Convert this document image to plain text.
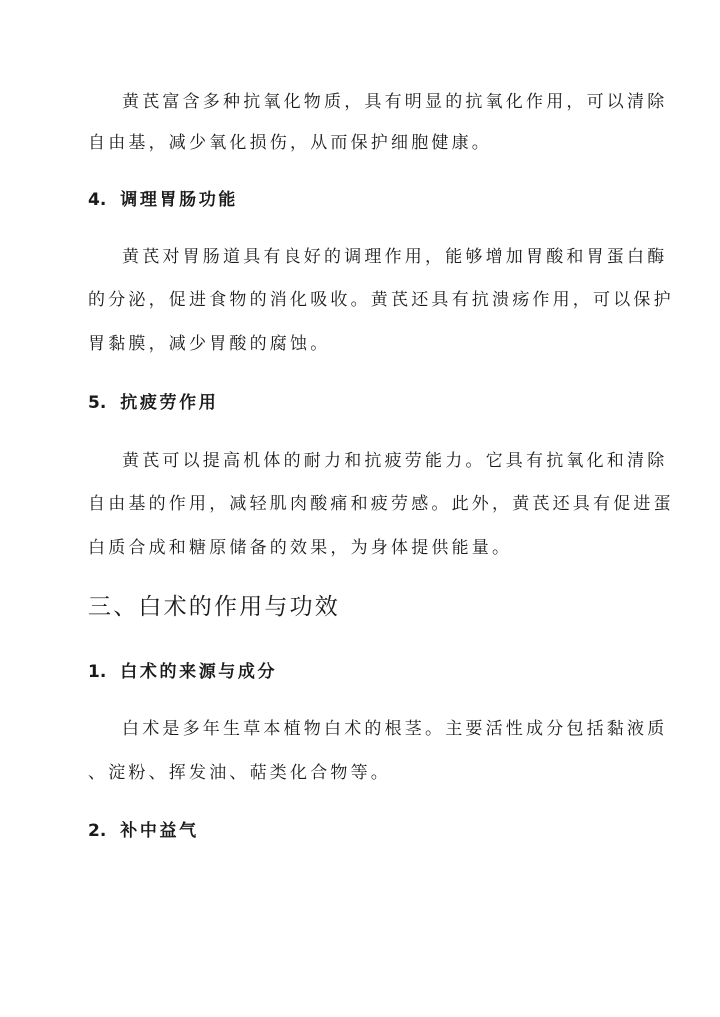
黄芪富含多种抗氧化物质，具有明显的抗氧化作用，可以清除
自由基，减少氧化损伤，从而保护细胞健康。
4. 调理胃肠功能
黄芪对胃肠道具有良好的调理作用，能够增加胃酸和胃蛋白酶
的分泌，促进食物的消化吸收。黄芪还具有抗溃疡作用，可以保护
胃黏膜，减少胃酸的腐蚀。
5. 抗疲劳作用
黄芪可以提高机体的耐力和抗疲劳能力。它具有抗氧化和清除
自由基的作用，减轻肌肉酸痛和疲劳感。此外，黄芪还具有促进蛋
白质合成和糖原储备的效果，为身体提供能量。
三、白术的作用与功效
1. 白术的来源与成分
白术是多年生草本植物白术的根茎。主要活性成分包括黏液质
、淀粉、挥发油、萜类化合物等。
2. 补中益气
